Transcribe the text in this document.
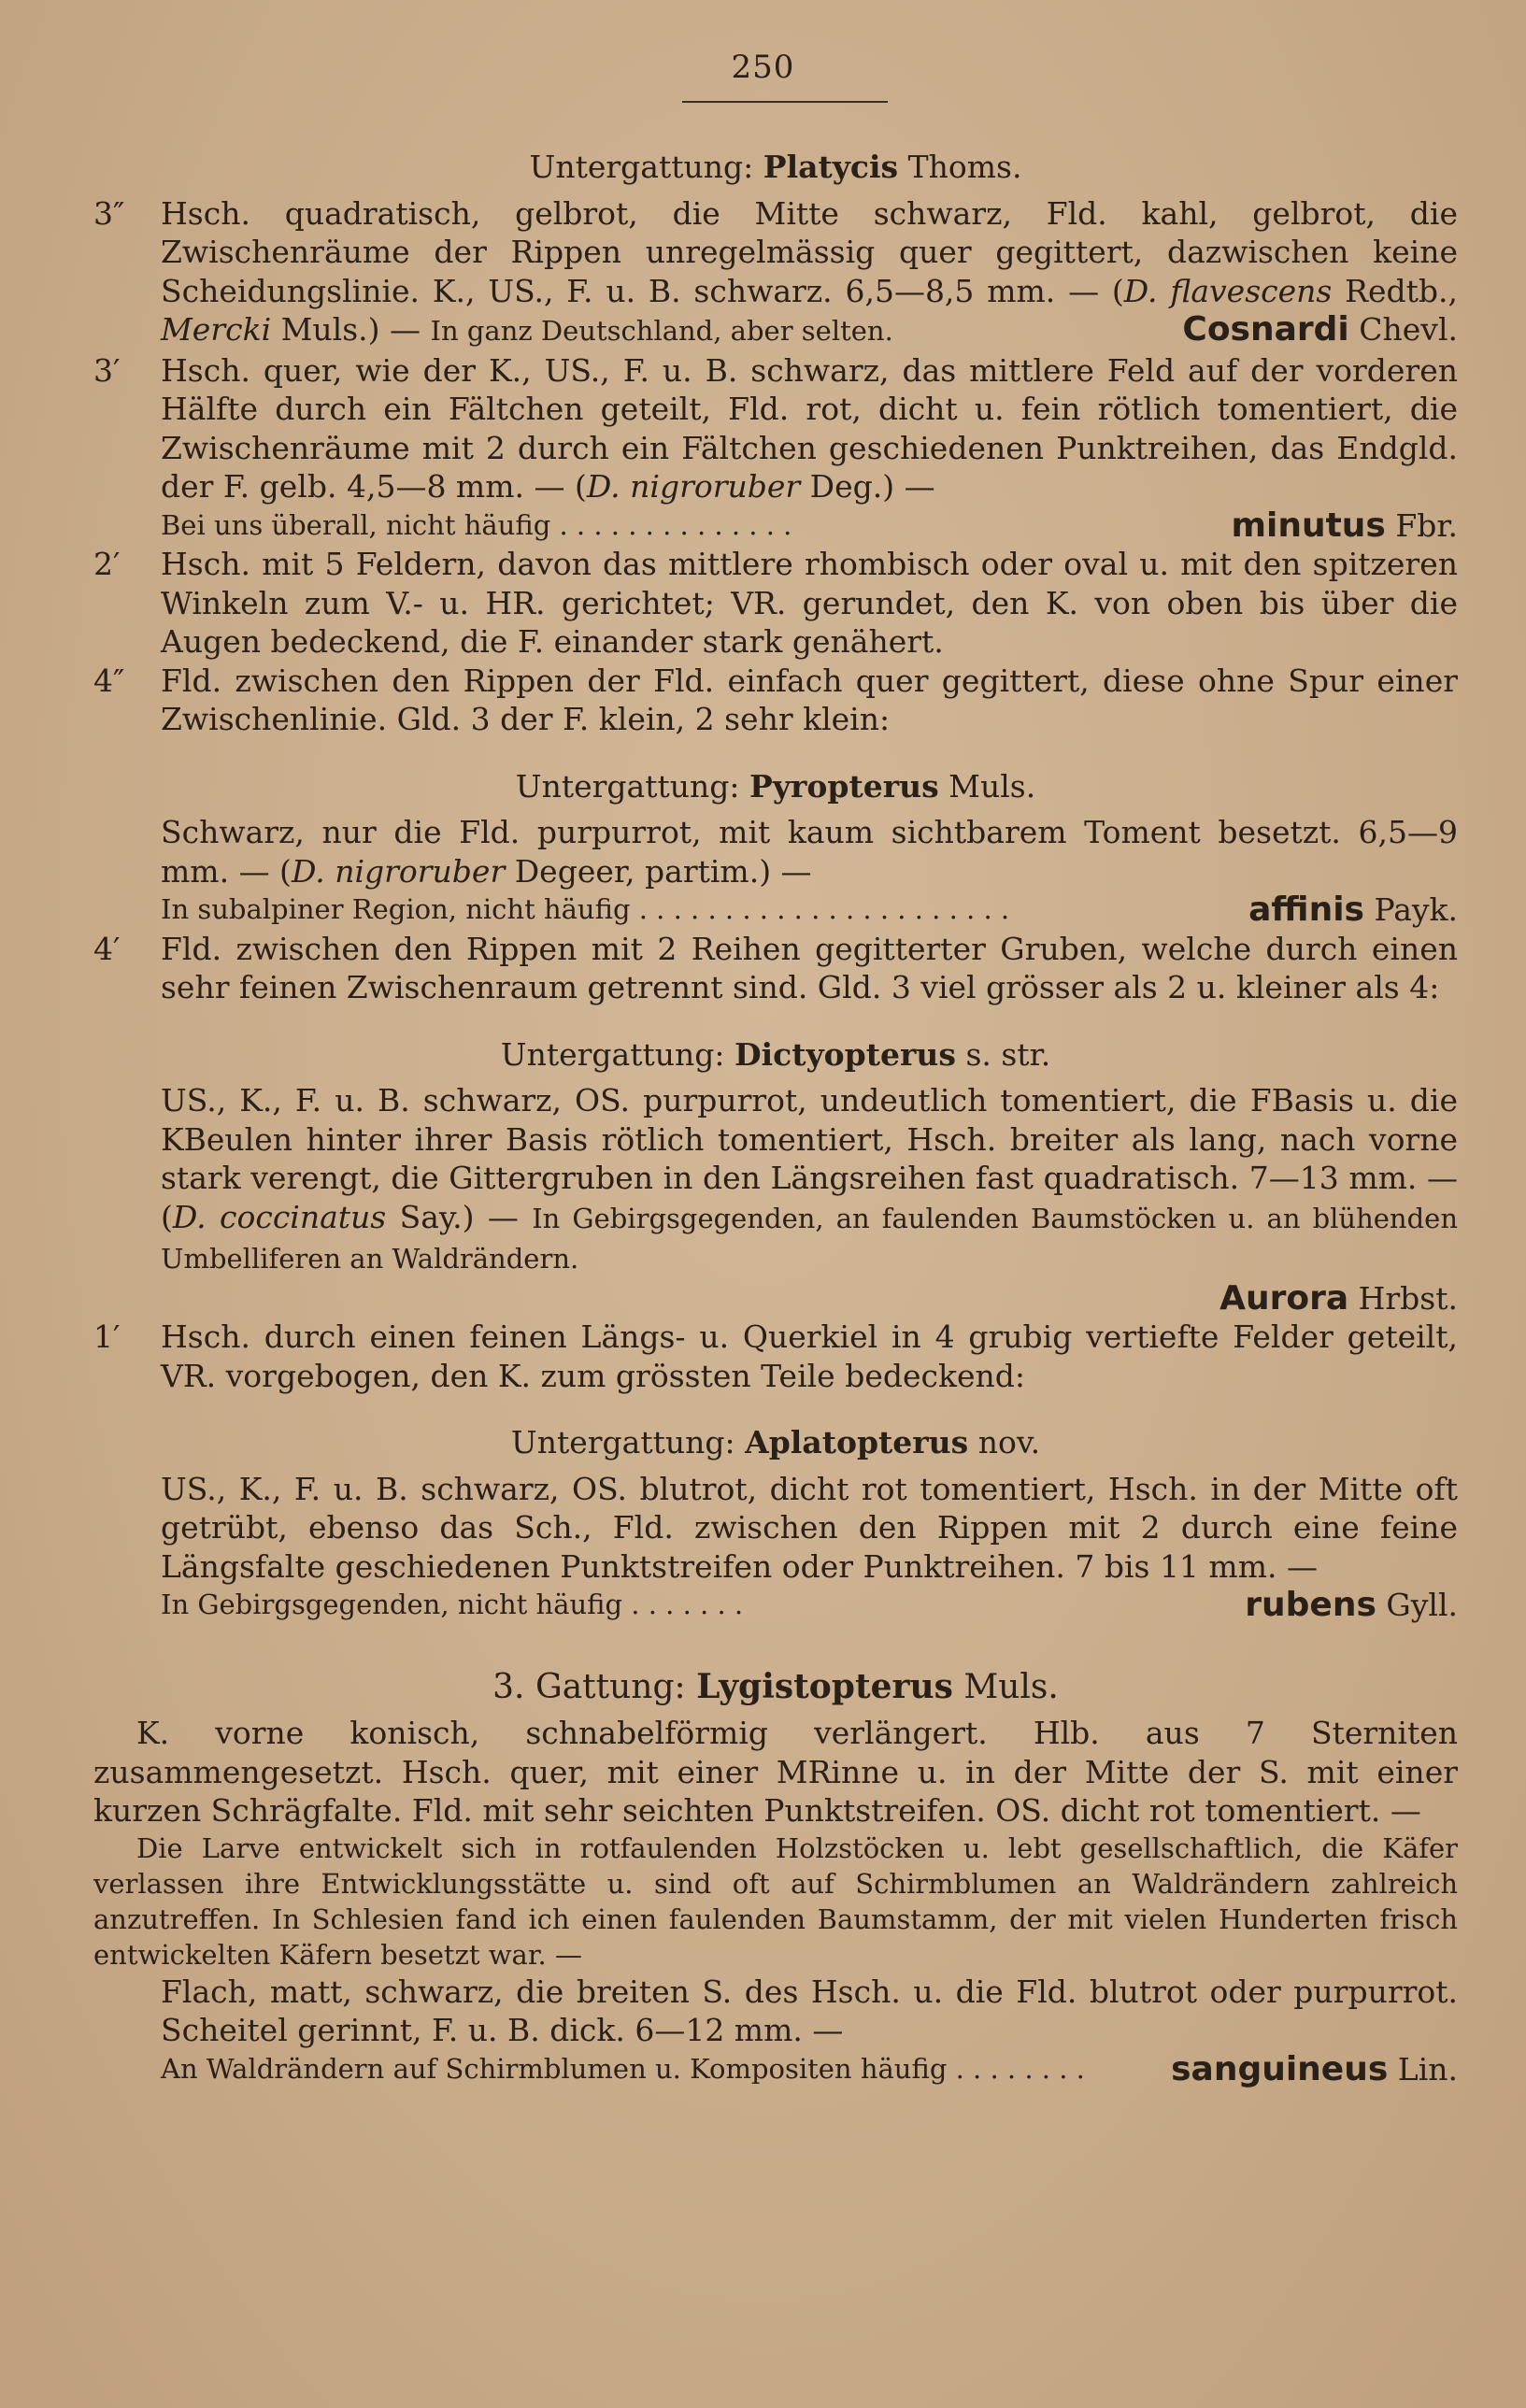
250
Untergattung: Platycis Thoms.
3″ Hsch. quadratisch, gelbrot, die Mitte schwarz, Fld. kahl, gelbrot, die Zwischenräume der Rippen unregelmässig quer gegittert, dazwischen keine Scheidungslinie. K., US., F. u. B. schwarz. 6,5—8,5 mm. — (D. flavescens Redtb., Mercki Muls.) — In ganz Deutschland, aber selten.	Cosnardi Chevl.
3′ Hsch. quer, wie der K., US., F. u. B. schwarz, das mittlere Feld auf der vorderen Hälfte durch ein Fältchen geteilt, Fld. rot, dicht u. fein rötlich tomentiert, die Zwischenräume mit 2 durch ein Fältchen geschiedenen Punktreihen, das Endgld. der F. gelb. 4,5—8 mm. — (D. nigroruber Deg.) —
Bei uns überall, nicht häufig . . . . . . . . . . . . . .	minutus Fbr.
2′ Hsch. mit 5 Feldern, davon das mittlere rhombisch oder oval u. mit den spitzeren Winkeln zum V.- u. HR. gerichtet; VR. gerundet, den K. von oben bis über die Augen bedeckend, die F. einander stark genähert.
4″ Fld. zwischen den Rippen der Fld. einfach quer gegittert, diese ohne Spur einer Zwischenlinie. Gld. 3 der F. klein, 2 sehr klein:
Untergattung: Pyropterus Muls.
Schwarz, nur die Fld. purpurrot, mit kaum sichtbarem Toment besetzt. 6,5—9 mm. — (D. nigroruber Degeer, partim.) —
In subalpiner Region, nicht häufig . . . . . . . . . . . . . . . . . . . . . .	affinis Payk.
4′ Fld. zwischen den Rippen mit 2 Reihen gegitterter Gruben, welche durch einen sehr feinen Zwischenraum getrennt sind. Gld. 3 viel grösser als 2 u. kleiner als 4:
Untergattung: Dictyopterus s. str.
US., K., F. u. B. schwarz, OS. purpurrot, undeutlich tomentiert, die FBasis u. die KBeulen hinter ihrer Basis rötlich tomentiert, Hsch. breiter als lang, nach vorne stark verengt, die Gittergruben in den Längsreihen fast quadratisch. 7—13 mm. — (D. coccinatus Say.) — In Gebirgsgegenden, an faulenden Baumstöcken u. an blühenden Umbelliferen an Waldrändern.
Aurora Hrbst.
1′ Hsch. durch einen feinen Längs- u. Querkiel in 4 grubig vertiefte Felder geteilt, VR. vorgebogen, den K. zum grössten Teile bedeckend:
Untergattung: Aplatopterus nov.
US., K., F. u. B. schwarz, OS. blutrot, dicht rot tomentiert, Hsch. in der Mitte oft getrübt, ebenso das Sch., Fld. zwischen den Rippen mit 2 durch eine feine Längsfalte geschiedenen Punktstreifen oder Punktreihen. 7 bis 11 mm. —
In Gebirgsgegenden, nicht häufig . . . . . . .	rubens Gyll.
3. Gattung: Lygistopterus Muls.
K. vorne konisch, schnabelförmig verlängert. Hlb. aus 7 Sterniten zusammengesetzt. Hsch. quer, mit einer MRinne u. in der Mitte der S. mit einer kurzen Schrägfalte. Fld. mit sehr seichten Punktstreifen. OS. dicht rot tomentiert. —
Die Larve entwickelt sich in rotfaulenden Holzstöcken u. lebt gesellschaftlich, die Käfer verlassen ihre Entwicklungsstätte u. sind oft auf Schirmblumen an Waldrändern zahlreich anzutreffen. In Schlesien fand ich einen faulenden Baumstamm, der mit vielen Hunderten frisch entwickelten Käfern besetzt war. —
Flach, matt, schwarz, die breiten S. des Hsch. u. die Fld. blutrot oder purpurrot. Scheitel gerinnt, F. u. B. dick. 6—12 mm. —
An Waldrändern auf Schirmblumen u. Kompositen häufig . . . . . . . .	sanguineus Lin.
